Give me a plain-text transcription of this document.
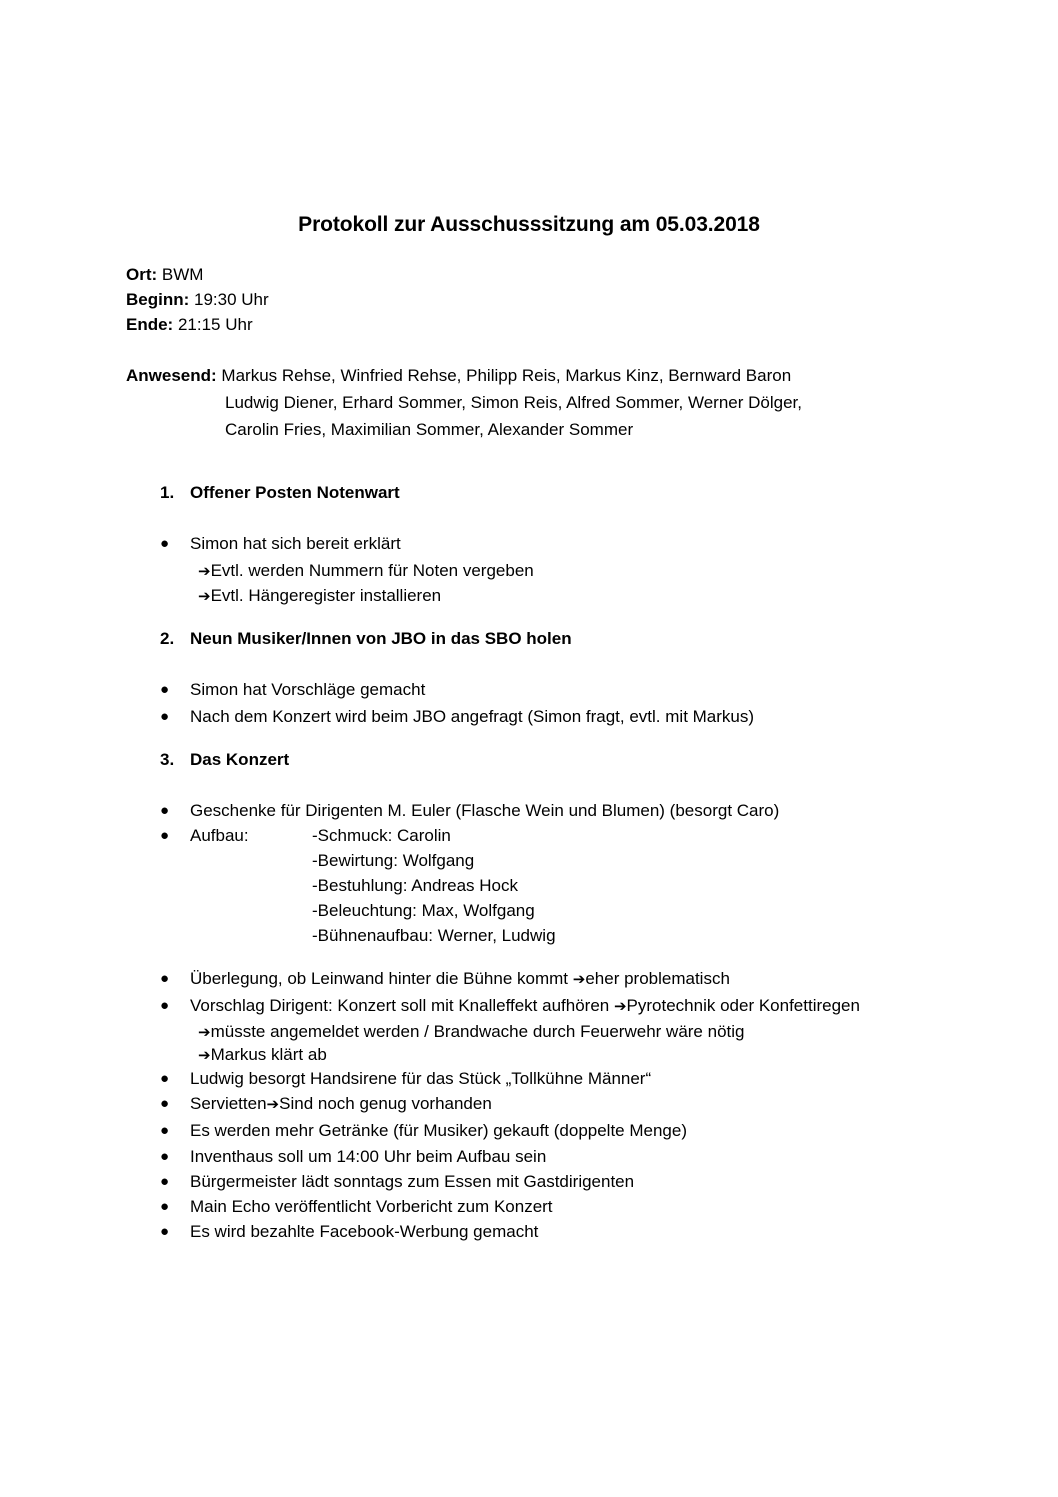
Protokoll zur Ausschusssitzung am 05.03.2018
Ort: BWM
Beginn: 19:30 Uhr
Ende: 21:15 Uhr
Anwesend: Markus Rehse, Winfried Rehse, Philipp Reis, Markus Kinz, Bernward Baron
Ludwig Diener, Erhard Sommer, Simon Reis, Alfred Sommer, Werner Dölger,
Carolin Fries, Maximilian Sommer, Alexander Sommer
1. Offener Posten Notenwart
● Simon hat sich bereit erklärt
➔Evtl. werden Nummern für Noten vergeben
➔Evtl. Hängeregister installieren
2. Neun Musiker/Innen von JBO in das SBO holen
● Simon hat Vorschläge gemacht
● Nach dem Konzert wird beim JBO angefragt (Simon fragt, evtl. mit Markus)
3. Das Konzert
● Geschenke für Dirigenten M. Euler (Flasche Wein und Blumen) (besorgt Caro)
● Aufbau:	-Schmuck: Carolin
-Bewirtung: Wolfgang
-Bestuhlung: Andreas Hock
-Beleuchtung: Max, Wolfgang
-Bühnenaufbau: Werner, Ludwig
● Überlegung, ob Leinwand hinter die Bühne kommt ➔eher problematisch
● Vorschlag Dirigent: Konzert soll mit Knalleffekt aufhören ➔Pyrotechnik oder Konfettiregen
➔müsste angemeldet werden / Brandwache durch Feuerwehr wäre nötig
➔Markus klärt ab
● Ludwig besorgt Handsirene für das Stück „Tollkühne Männer“
● Servietten➔Sind noch genug vorhanden
● Es werden mehr Getränke (für Musiker) gekauft (doppelte Menge)
● Inventhaus soll um 14:00 Uhr beim Aufbau sein
● Bürgermeister lädt sonntags zum Essen mit Gastdirigenten
● Main Echo veröffentlicht Vorbericht zum Konzert
● Es wird bezahlte Facebook-Werbung gemacht
